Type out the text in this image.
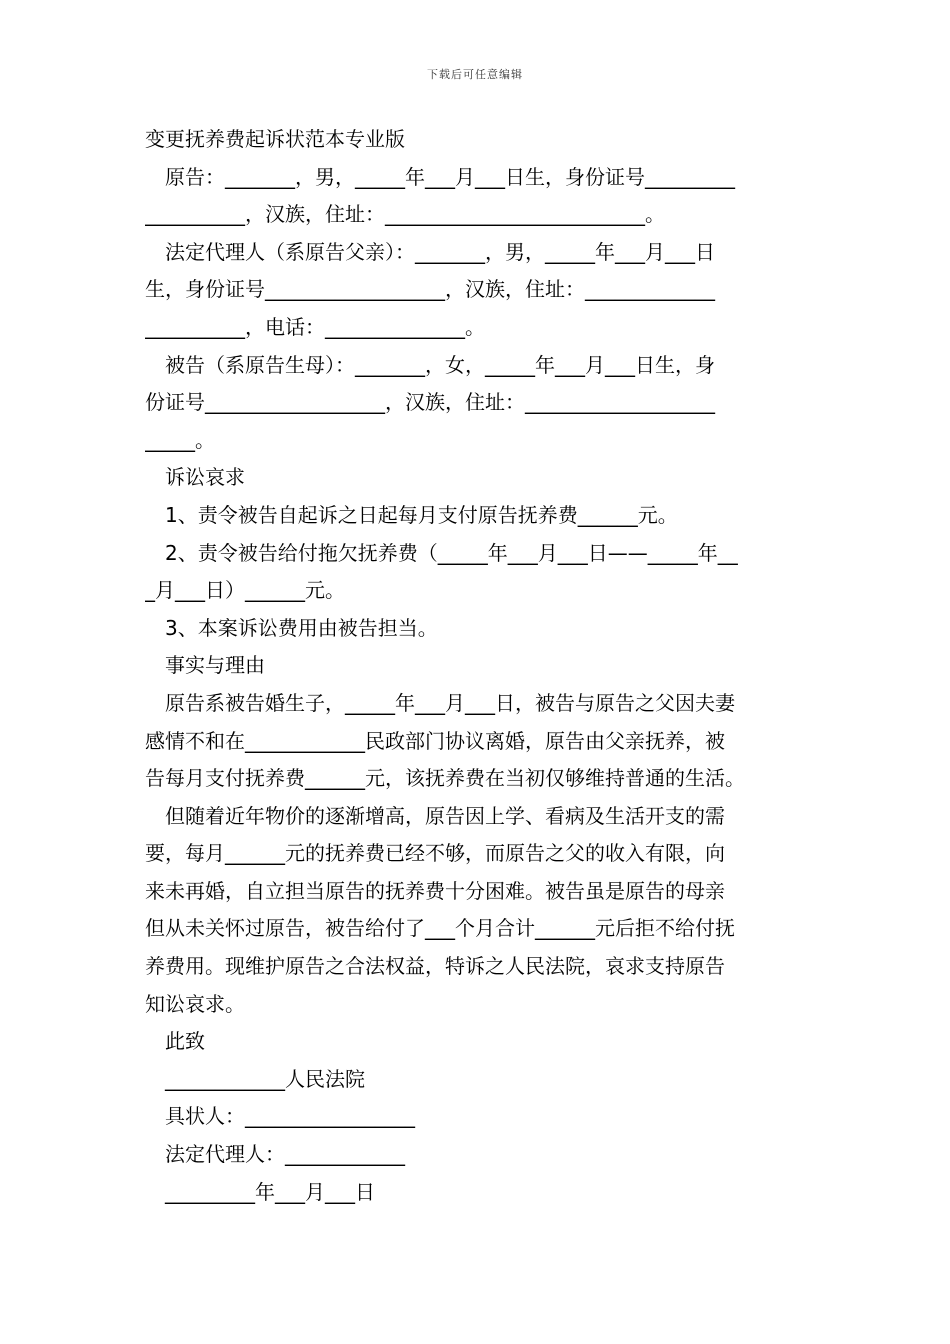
下载后可任意编辑
变更抚养费起诉状范本专业版
原告：_______，男，_____年___月___日生，身份证号_________
__________，汉族，住址：__________________________。
法定代理人（系原告父亲）：_______，男，_____年___月___日
生，身份证号__________________，汉族，住址：_____________
__________，电话：______________。
被告（系原告生母）：_______，女，_____年___月___日生，身
份证号__________________，汉族，住址：___________________
_____。
诉讼哀求
1、责令被告自起诉之日起每月支付原告抚养费______元。
2、责令被告给付拖欠抚养费（_____年___月___日——_____年__
_月___日）______元。
3、本案诉讼费用由被告担当。
事实与理由
原告系被告婚生子，_____年___月___日，被告与原告之父因夫妻
感情不和在____________民政部门协议离婚，原告由父亲抚养，被
告每月支付抚养费______元，该抚养费在当初仅够维持普通的生活。
但随着近年物价的逐渐增高，原告因上学、看病及生活开支的需
要，每月______元的抚养费已经不够，而原告之父的收入有限，向
来未再婚，自立担当原告的抚养费十分困难。被告虽是原告的母亲
但从未关怀过原告，被告给付了___个月合计______元后拒不给付抚
养费用。现维护原告之合法权益，特诉之人民法院，哀求支持原告
知讼哀求。
此致
____________人民法院
具状人：_________________
法定代理人：____________
_________年___月___日
